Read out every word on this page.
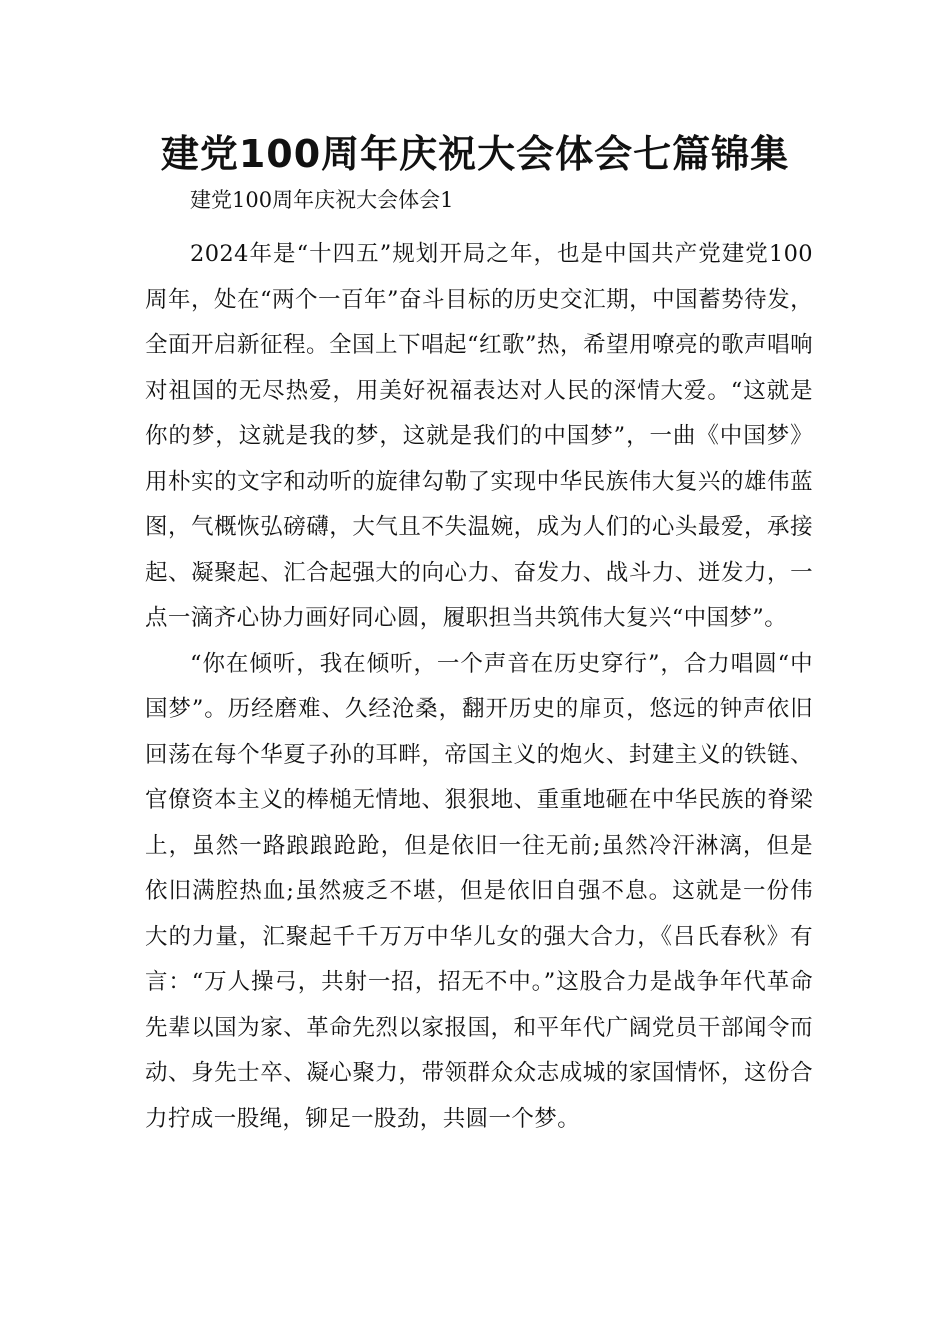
建党100周年庆祝大会体会七篇锦集

建党100周年庆祝大会体会1

2024年是“十四五”规划开局之年，也是中国共产党建党100周年，处在“两个一百年”奋斗目标的历史交汇期，中国蓄势待发，全面开启新征程。全国上下唱起“红歌”热，希望用嘹亮的歌声唱响对祖国的无尽热爱，用美好祝福表达对人民的深情大爱。“这就是你的梦，这就是我的梦，这就是我们的中国梦”，一曲《中国梦》用朴实的文字和动听的旋律勾勒了实现中华民族伟大复兴的雄伟蓝图，气概恢弘磅礴，大气且不失温婉，成为人们的心头最爱，承接起、凝聚起、汇合起强大的向心力、奋发力、战斗力、迸发力，一点一滴齐心协力画好同心圆，履职担当共筑伟大复兴“中国梦”。

“你在倾听，我在倾听，一个声音在历史穿行”，合力唱圆“中国梦”。历经磨难、久经沧桑，翻开历史的扉页，悠远的钟声依旧回荡在每个华夏子孙的耳畔，帝国主义的炮火、封建主义的铁链、官僚资本主义的棒槌无情地、狠狠地、重重地砸在中华民族的脊梁上，虽然一路踉踉跄跄，但是依旧一往无前;虽然冷汗淋漓，但是依旧满腔热血;虽然疲乏不堪，但是依旧自强不息。这就是一份伟大的力量，汇聚起千千万万中华儿女的强大合力，《吕氏春秋》有言：“万人操弓，共射一招，招无不中。”这股合力是战争年代革命先辈以国为家、革命先烈以家报国，和平年代广阔党员干部闻令而动、身先士卒、凝心聚力，带领群众众志成城的家国情怀，这份合力拧成一股绳，铆足一股劲，共圆一个梦。
